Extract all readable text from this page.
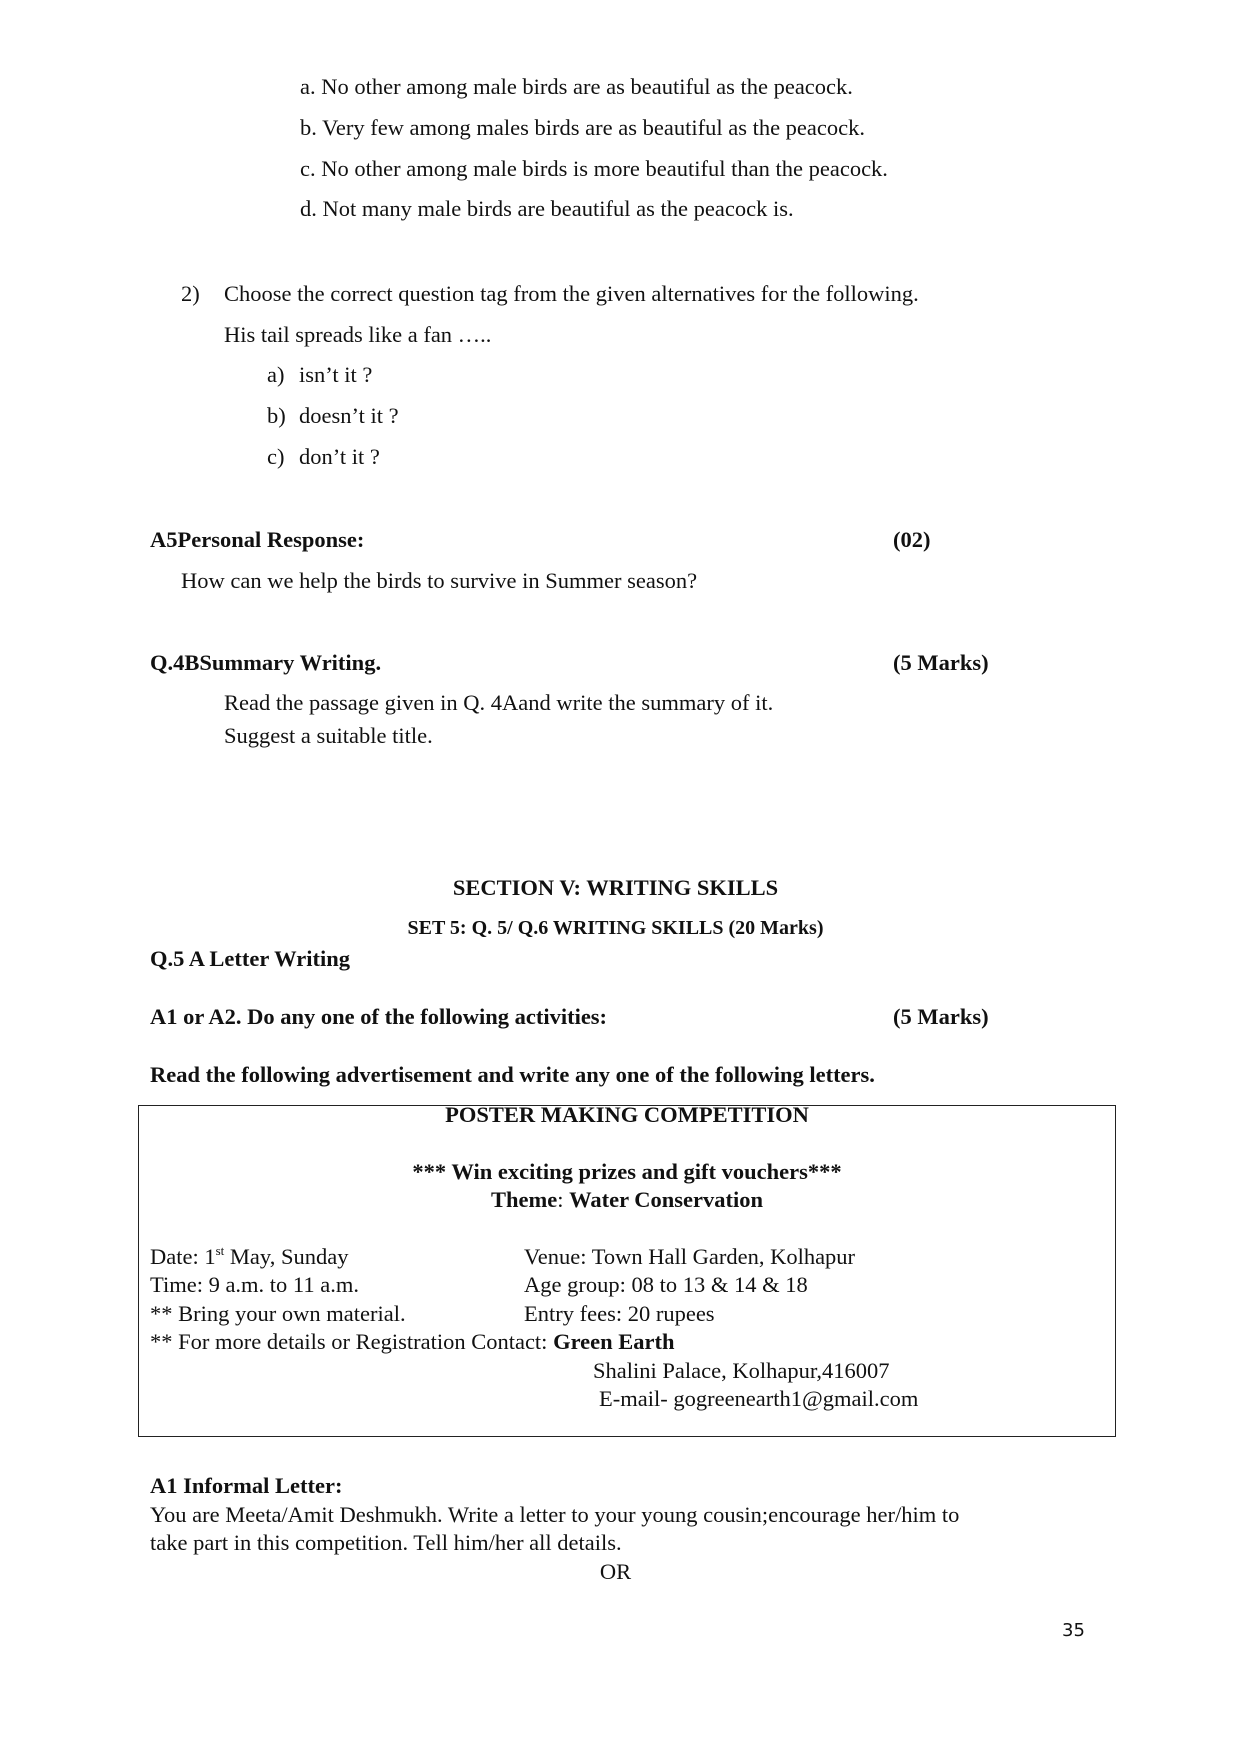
a. No other among male birds are as beautiful as the peacock.
b. Very few among males birds are as beautiful as the peacock.
c. No other among male birds is more beautiful than the peacock.
d. Not many male birds are beautiful as the peacock is.
2) Choose the correct question tag from the given alternatives for the following.
His tail spreads like a fan …..
a) isn’t it ?
b) doesn’t it ?
c) don’t it ?
A5Personal Response:	(02)
How can we help the birds to survive in Summer season?
Q.4BSummary Writing.	(5 Marks)
Read the passage given in Q. 4Aand write the summary of it.
Suggest a suitable title.
SECTION V: WRITING SKILLS
SET 5: Q. 5/ Q.6 WRITING SKILLS (20 Marks)
Q.5 A Letter Writing
A1 or A2. Do any one of the following activities:	(5 Marks)
Read the following advertisement and write any one of the following letters.
POSTER MAKING COMPETITION
*** Win exciting prizes and gift vouchers***
Theme: Water Conservation
Date: 1st May, Sunday	Venue: Town Hall Garden, Kolhapur
Time: 9 a.m. to 11 a.m.	Age group: 08 to 13 & 14 & 18
** Bring your own material.	Entry fees: 20 rupees
** For more details or Registration Contact: Green Earth
Shalini Palace, Kolhapur,416007
E-mail- gogreenearth1@gmail.com
A1 Informal Letter:
You are Meeta/Amit Deshmukh. Write a letter to your young cousin;encourage her/him to
take part in this competition. Tell him/her all details.
OR
35
